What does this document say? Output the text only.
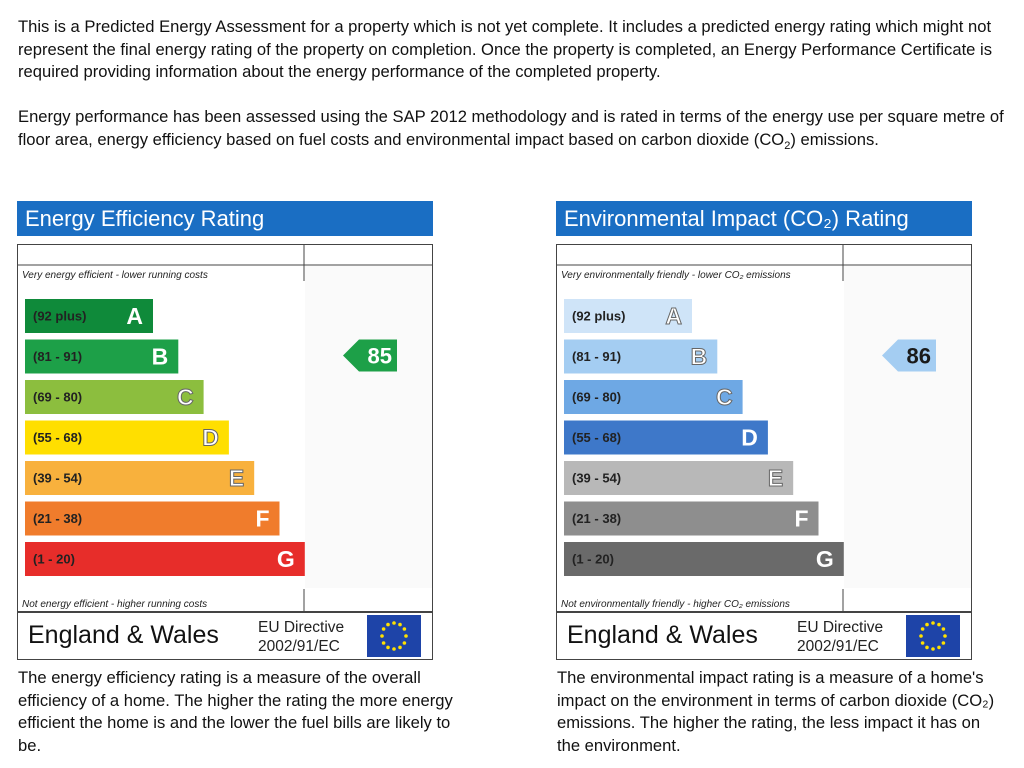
This is a Predicted Energy Assessment for a property which is not yet complete. It includes a predicted energy rating which might not represent the final energy rating of the property on completion. Once the property is completed, an Energy Performance Certificate is required providing information about the energy performance of the completed property.

Energy performance has been assessed using the SAP 2012 methodology and is rated in terms of the energy use per square metre of floor area, energy efficiency based on fuel costs and environmental impact based on carbon dioxide $(CO_2)$ emissions.

Energy Efficiency Rating
Very energy efficient - lower running costs
Not energy efficient - higher running costs
(92 plus) A
(81 - 91)	B
(69 - 80)	C
(55 - 68)	D
(39 - 54)	E
(21 - 38)	F
(1 - 20)	G
85
England & Wales	EU Directive
2002/91/EC

The energy efficiency rating is a measure of the overall efficiency of a home. The higher the rating the more energy efficient the home is and the lower the fuel bills are likely to be.

Environmental Impact (CO₂) Rating
Very environmentally friendly - lower CO₂ emissions
Not environmentally friendly - higher CO₂ emissions
(92 plus) A
(81 - 91)	B
(69 - 80)	C
(55 - 68)	D
(39 - 54)	E
(21 - 38)	F
(1 - 20)	G
86
England & Wales	EU Directive
2002/91/EC

The environmental impact rating is a measure of a home's impact on the environment in terms of carbon dioxide (CO₂) emissions. The higher the rating, the less impact it has on the environment.
